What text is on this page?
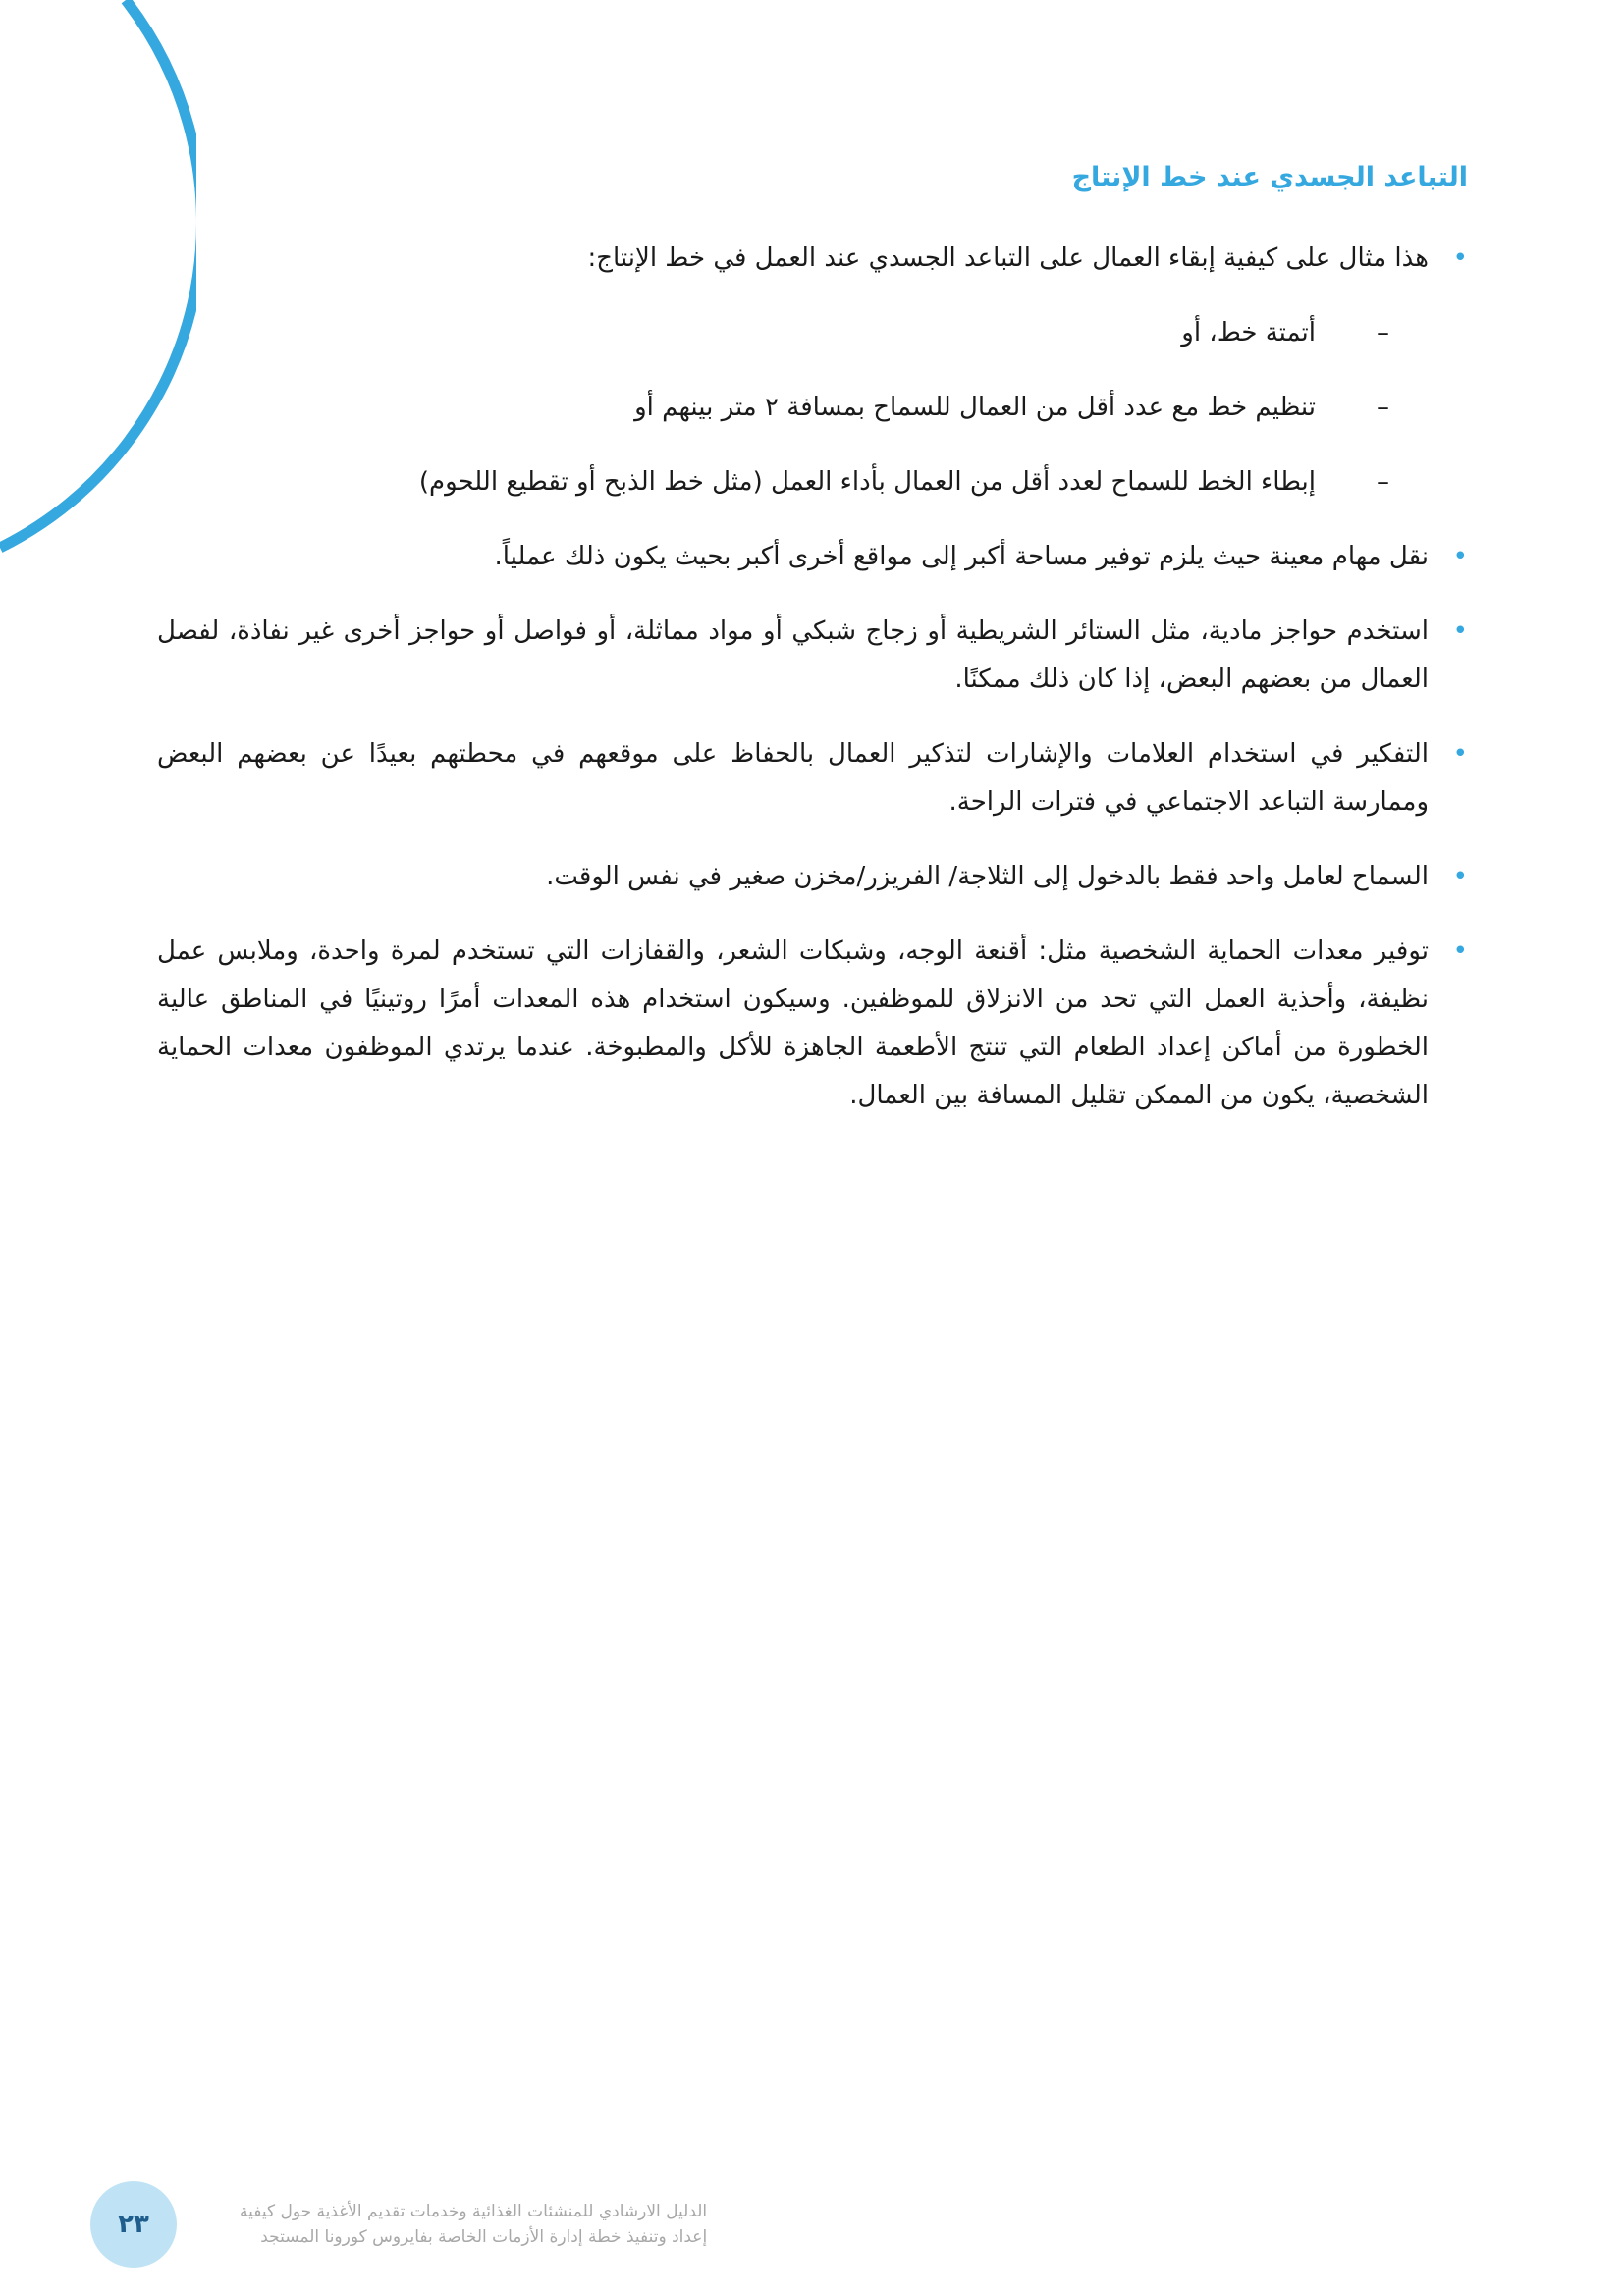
التباعد الجسدي عند خط الإنتاج
•
هذا مثال على كيفية إبقاء العمال على التباعد الجسدي عند العمل في خط الإنتاج:
–
أتمتة خط، أو
–
تنظيم خط مع عدد أقل من العمال للسماح بمسافة ٢ متر بينهم أو
–
إبطاء الخط للسماح لعدد أقل من العمال بأداء العمل (مثل خط الذبح أو تقطيع اللحوم)
•
نقل مهام معينة حيث يلزم توفير مساحة أكبر إلى مواقع أخرى أكبر بحيث يكون ذلك عملياً.
•
استخدم حواجز مادية، مثل الستائر الشريطية أو زجاج شبكي أو مواد مماثلة، أو فواصل أو حواجز أخرى غير نفاذة، لفصل العمال من بعضهم البعض، إذا كان ذلك ممكنًا.
•
التفكير في استخدام العلامات والإشارات لتذكير العمال بالحفاظ على موقعهم في محطتهم بعيدًا عن بعضهم البعض وممارسة التباعد الاجتماعي في فترات الراحة.
•
السماح لعامل واحد فقط بالدخول إلى الثلاجة/ الفريزر/مخزن صغير في نفس الوقت.
•
توفير معدات الحماية الشخصية مثل: أقنعة الوجه، وشبكات الشعر، والقفازات التي تستخدم لمرة واحدة، وملابس عمل نظيفة، وأحذية العمل التي تحد من الانزلاق للموظفين. وسيكون استخدام هذه المعدات أمرًا روتينيًا في المناطق عالية الخطورة من أماكن إعداد الطعام التي تنتج الأطعمة الجاهزة للأكل والمطبوخة. عندما يرتدي الموظفون معدات الحماية الشخصية، يكون من الممكن تقليل المسافة بين العمال.
٢٣	الدليل الارشادي للمنشئات الغذائية وخدمات تقديم الأغذية حول كيفية
إعداد وتنفيذ خطة إدارة الأزمات الخاصة بفايروس كورونا المستجد
